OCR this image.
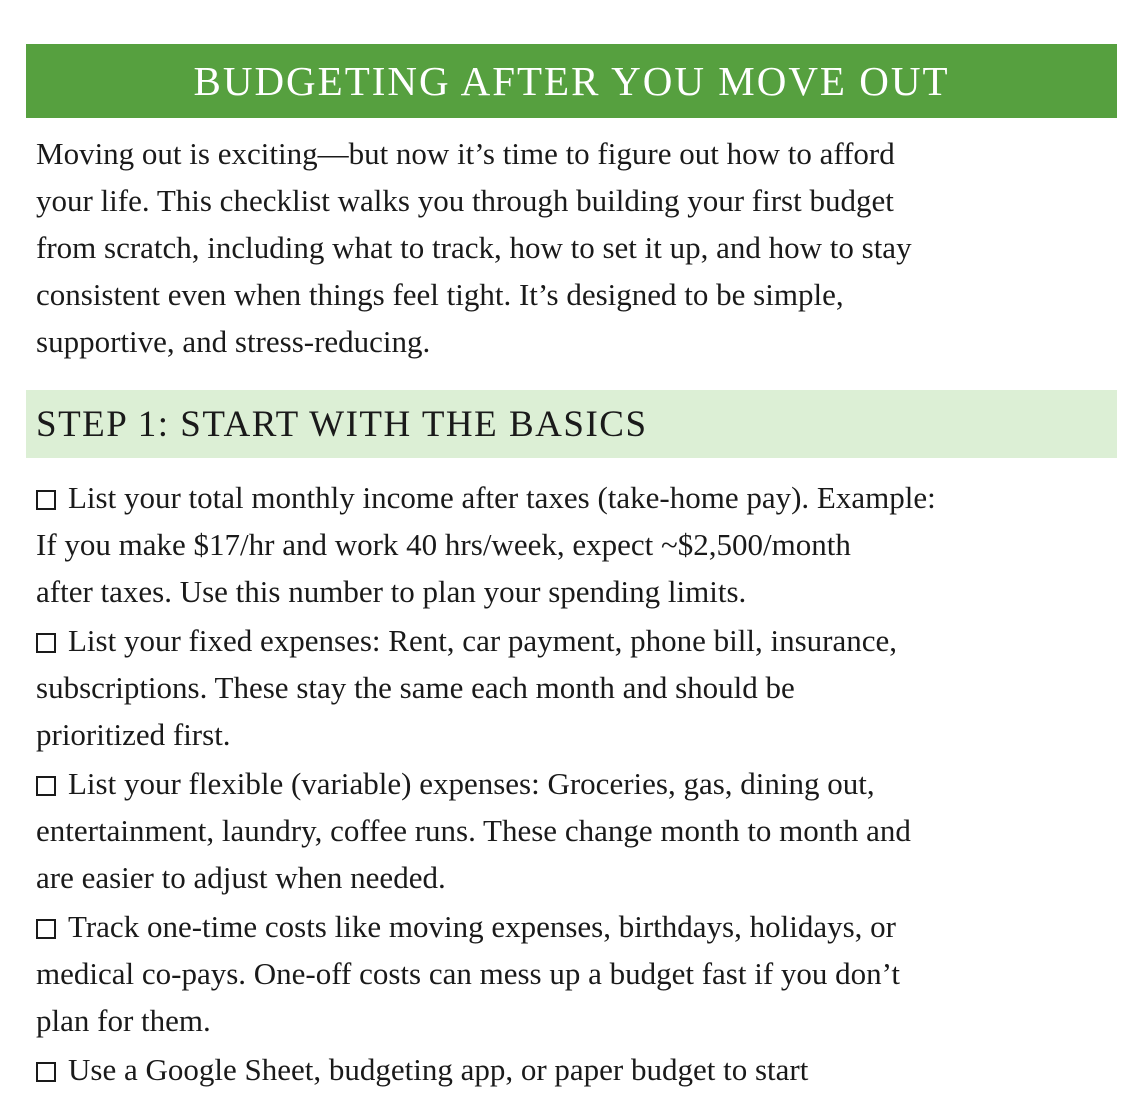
BUDGETING AFTER YOU MOVE OUT

Moving out is exciting—but now it’s time to figure out how to afford
your life. This checklist walks you through building your first budget
from scratch, including what to track, how to set it up, and how to stay
consistent even when things feel tight. It’s designed to be simple,
supportive, and stress-reducing.

STEP 1: START WITH THE BASICS
List your total monthly income after taxes (take-home pay). Example:
If you make $17/hr and work 40 hrs/week, expect ~$2,500/month
after taxes. Use this number to plan your spending limits.
List your fixed expenses: Rent, car payment, phone bill, insurance,
subscriptions. These stay the same each month and should be
prioritized first.
List your flexible (variable) expenses: Groceries, gas, dining out,
entertainment, laundry, coffee runs. These change month to month and
are easier to adjust when needed.
Track one-time costs like moving expenses, birthdays, holidays, or
medical co-pays. One-off costs can mess up a budget fast if you don’t
plan for them.
Use a Google Sheet, budgeting app, or paper budget to start
